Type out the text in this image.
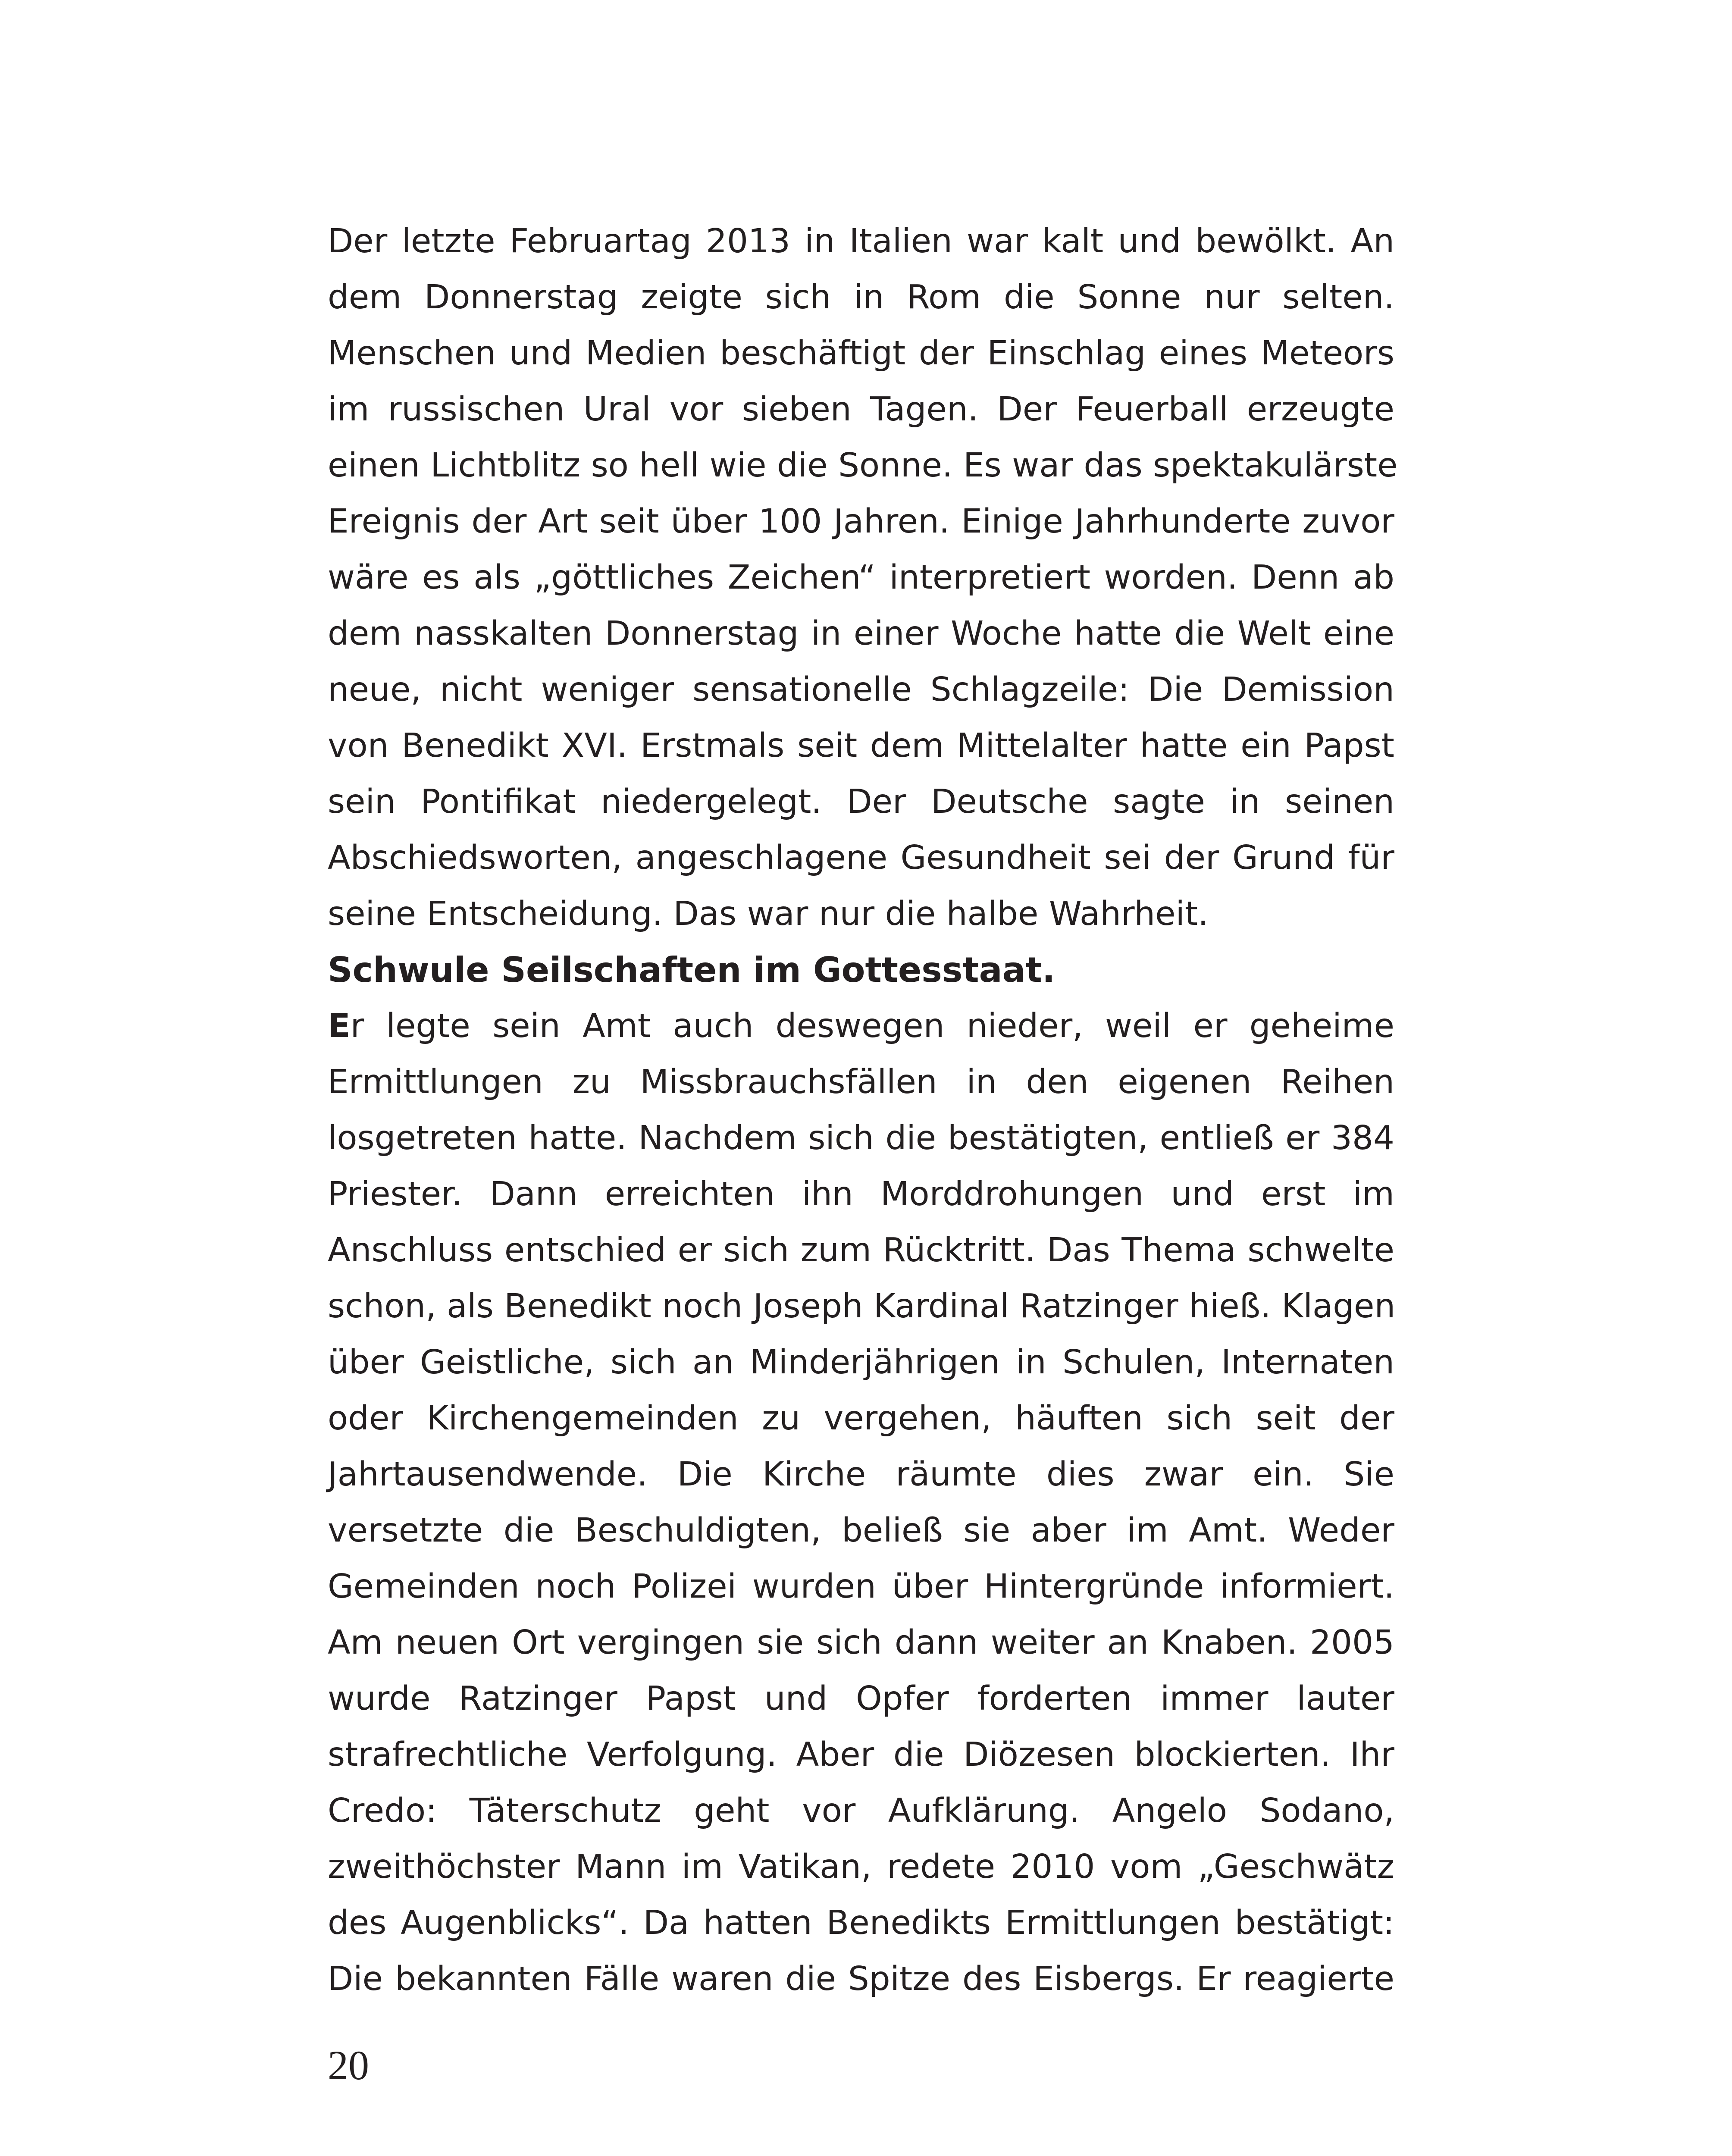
Der letzte Februartag 2013 in Italien war kalt und bewölkt. An
dem Donnerstag zeigte sich in Rom die Sonne nur selten.
Menschen und Medien beschäftigt der Einschlag eines Meteors
im russischen Ural vor sieben Tagen. Der Feuerball erzeugte
einen Lichtblitz so hell wie die Sonne. Es war das spektakulärste
Ereignis der Art seit über 100 Jahren. Einige Jahrhunderte zuvor
wäre es als „göttliches Zeichen“ interpretiert worden. Denn ab
dem nasskalten Donnerstag in einer Woche hatte die Welt eine
neue, nicht weniger sensationelle Schlagzeile: Die Demission
von Benedikt XVI. Erstmals seit dem Mittelalter hatte ein Papst
sein Pontifikat niedergelegt. Der Deutsche sagte in seinen
Abschiedsworten, angeschlagene Gesundheit sei der Grund für
seine Entscheidung. Das war nur die halbe Wahrheit.
Schwule Seilschaften im Gottesstaat.
Er legte sein Amt auch deswegen nieder, weil er geheime
Ermittlungen zu Missbrauchsfällen in den eigenen Reihen
losgetreten hatte. Nachdem sich die bestätigten, entließ er 384
Priester. Dann erreichten ihn Morddrohungen und erst im
Anschluss entschied er sich zum Rücktritt. Das Thema schwelte
schon, als Benedikt noch Joseph Kardinal Ratzinger hieß. Klagen
über Geistliche, sich an Minderjährigen in Schulen, Internaten
oder Kirchengemeinden zu vergehen, häuften sich seit der
Jahrtausendwende. Die Kirche räumte dies zwar ein. Sie
versetzte die Beschuldigten, beließ sie aber im Amt. Weder
Gemeinden noch Polizei wurden über Hintergründe informiert.
Am neuen Ort vergingen sie sich dann weiter an Knaben. 2005
wurde Ratzinger Papst und Opfer forderten immer lauter
strafrechtliche Verfolgung. Aber die Diözesen blockierten. Ihr
Credo: Täterschutz geht vor Aufklärung. Angelo Sodano,
zweithöchster Mann im Vatikan, redete 2010 vom „Geschwätz
des Augenblicks“. Da hatten Benedikts Ermittlungen bestätigt:
Die bekannten Fälle waren die Spitze des Eisbergs. Er reagierte
20
